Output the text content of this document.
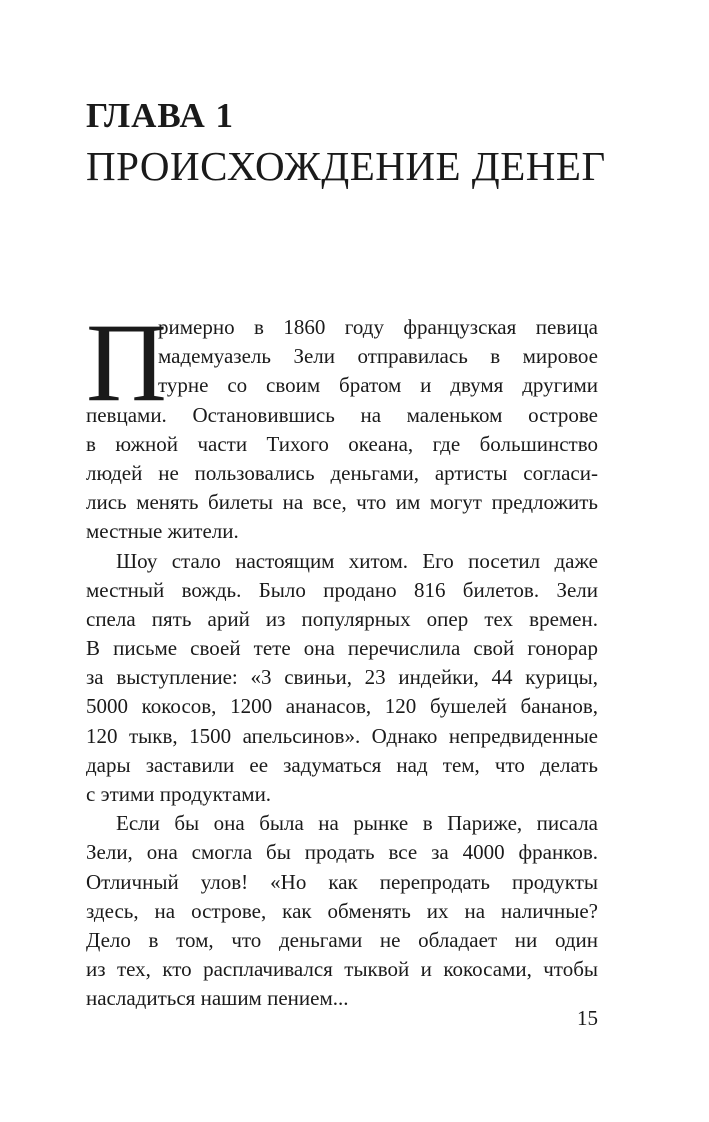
ГЛАВА 1
ПРОИСХОЖДЕНИЕ ДЕНЕГ
П
римерно в 1860 году французская певица
мадемуазель Зели отправилась в мировое
турне со своим братом и двумя другими
певцами. Остановившись на маленьком острове
в южной части Тихого океана, где большинство
людей не пользовались деньгами, артисты согласи-
лись менять билеты на все, что им могут предложить
местные жители.
Шоу стало настоящим хитом. Его посетил даже
местный вождь. Было продано 816 билетов. Зели
спела пять арий из популярных опер тех времен.
В письме своей тете она перечислила свой гонорар
за выступление: «3 свиньи, 23 индейки, 44 курицы,
5000 кокосов, 1200 ананасов, 120 бушелей бананов,
120 тыкв, 1500 апельсинов». Однако непредвиденные
дары заставили ее задуматься над тем, что делать
с этими продуктами.
Если бы она была на рынке в Париже, писала
Зели, она смогла бы продать все за 4000 франков.
Отличный улов! «Но как перепродать продукты
здесь, на острове, как обменять их на наличные?
Дело в том, что деньгами не обладает ни один
из тех, кто расплачивался тыквой и кокосами, чтобы
насладиться нашим пением...
15
